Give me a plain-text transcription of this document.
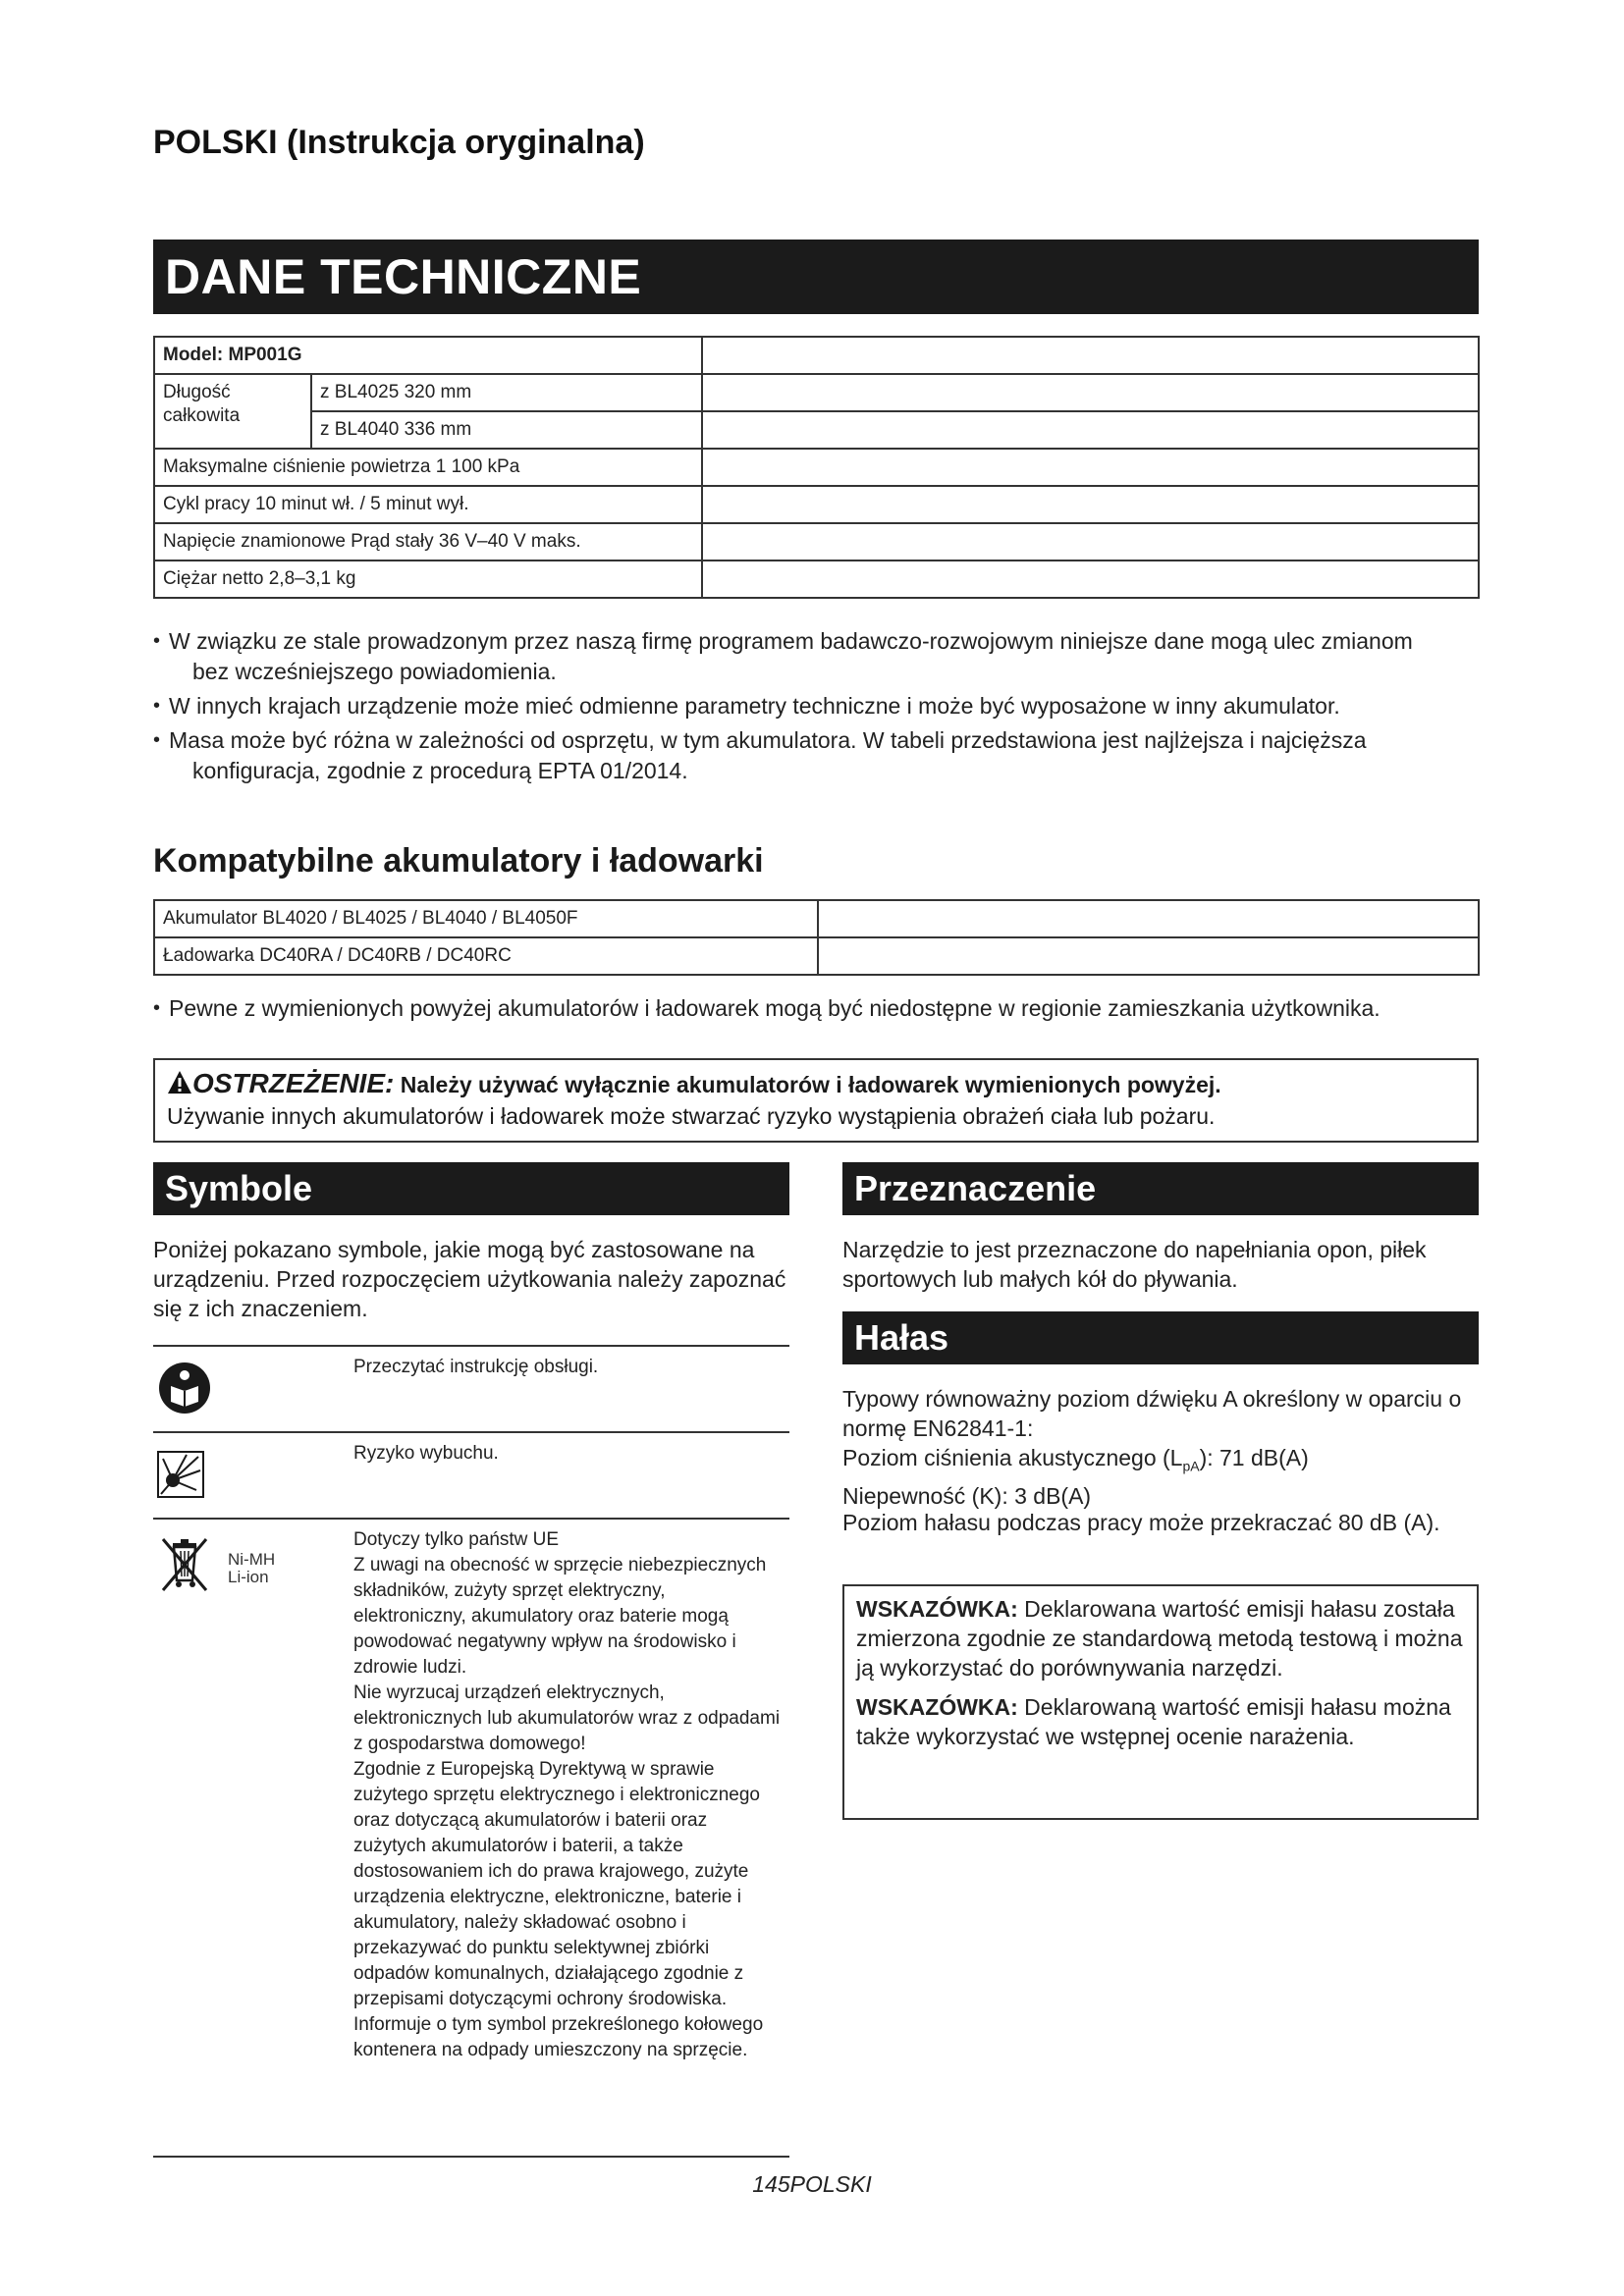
POLSKI (Instrukcja oryginalna)
DANE TECHNICZNE
Model: MP001G		
Długość całkowita	z BL4025 320 mm	
	z BL4040 336 mm	
Maksymalne ciśnienie powietrza 1 100 kPa		
Cykl pracy 10 minut wł. / 5 minut wył.		
Napięcie znamionowe Prąd stały 36 V–40 V maks.		
Ciężar netto 2,8–3,1 kg		
• W związku ze stale prowadzonym przez naszą firmę programem badawczo-rozwojowym niniejsze dane mogą ulec zmianom bez wcześniejszego powiadomienia.
• W innych krajach urządzenie może mieć odmienne parametry techniczne i może być wyposażone w inny akumulator.
• Masa może być różna w zależności od osprzętu, w tym akumulatora. W tabeli przedstawiona jest najlżejsza i najcięższa konfiguracja, zgodnie z procedurą EPTA 01/2014.
Kompatybilne akumulatory i ładowarki
Akumulator BL4020 / BL4025 / BL4040 / BL4050F	
Ładowarka DC40RA / DC40RB / DC40RC	
• Pewne z wymienionych powyżej akumulatorów i ładowarek mogą być niedostępne w regionie zamieszkania użytkownika.
OSTRZEŻENIE: Należy używać wyłącznie akumulatorów i ładowarek wymienionych powyżej.
Używanie innych akumulatorów i ładowarek może stwarzać ryzyko wystąpienia obrażeń ciała lub pożaru.
Symbole
Poniżej pokazano symbole, jakie mogą być zastosowane na urządzeniu. Przed rozpoczęciem użytkowania należy zapoznać się z ich znaczeniem.
Przeczytać instrukcję obsługi.
Ryzyko wybuchu.
Ni-MH
Li-ion
Dotyczy tylko państw UE
Z uwagi na obecność w sprzęcie niebezpiecznych składników, zużyty sprzęt elektryczny, elektroniczny, akumulatory oraz baterie mogą powodować negatywny wpływ na środowisko i zdrowie ludzi.
Nie wyrzucaj urządzeń elektrycznych, elektronicznych lub akumulatorów wraz z odpadami z gospodarstwa domowego!
Zgodnie z Europejską Dyrektywą w sprawie zużytego sprzętu elektrycznego i elektronicznego oraz dotyczącą akumulatorów i baterii oraz zużytych akumulatorów i baterii, a także dostosowaniem ich do prawa krajowego, zużyte urządzenia elektryczne, elektroniczne, baterie i akumulatory, należy składować osobno i przekazywać do punktu selektywnej zbiórki odpadów komunalnych, działającego zgodnie z przepisami dotyczącymi ochrony środowiska.
Informuje o tym symbol przekreślonego kołowego kontenera na odpady umieszczony na sprzęcie.
Przeznaczenie
Narzędzie to jest przeznaczone do napełniania opon, piłek sportowych lub małych kół do pływania.
Hałas
Typowy równoważny poziom dźwięku A określony w oparciu o normę EN62841-1:
Poziom ciśnienia akustycznego $(L_{pA})$: 71 dB(A)
Niepewność (K): 3 dB(A)
Poziom hałasu podczas pracy może przekraczać 80 dB (A).

WSKAZÓWKA: Deklarowana wartość emisji hałasu została zmierzona zgodnie ze standardową metodą testową i można ją wykorzystać do porównywania narzędzi.

WSKAZÓWKA: Deklarowaną wartość emisji hałasu można także wykorzystać we wstępnej ocenie narażenia.

145POLSKI
